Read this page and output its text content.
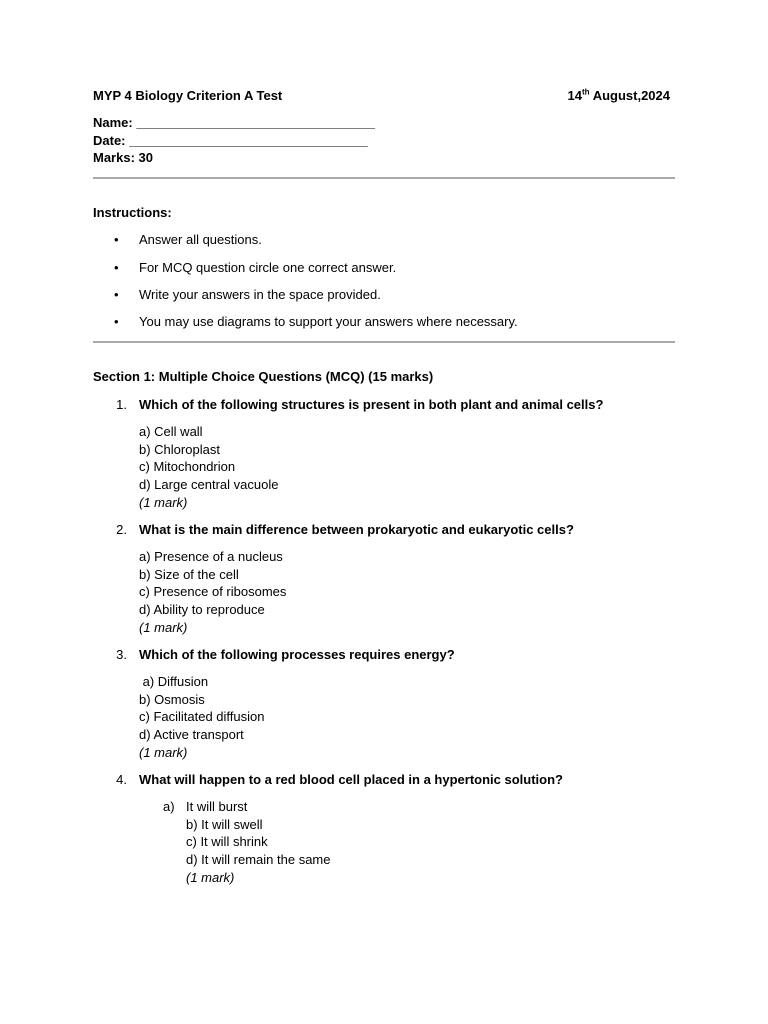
MYP 4 Biology Criterion A Test	14th August,2024
Name: _________________________________
Date: _________________________________
Marks: 30
Instructions:
• Answer all questions.
• For MCQ question circle one correct answer.
• Write your answers in the space provided.
• You may use diagrams to support your answers where necessary.
Section 1: Multiple Choice Questions (MCQ) (15 marks)
1. Which of the following structures is present in both plant and animal cells?
a) Cell wall
b) Chloroplast
c) Mitochondrion
d) Large central vacuole
(1 mark)
2. What is the main difference between prokaryotic and eukaryotic cells?
a) Presence of a nucleus
b) Size of the cell
c) Presence of ribosomes
d) Ability to reproduce
(1 mark)
3. Which of the following processes requires energy?
a) Diffusion
b) Osmosis
c) Facilitated diffusion
d) Active transport
(1 mark)
4. What will happen to a red blood cell placed in a hypertonic solution?
a) It will burst
b) It will swell
c) It will shrink
d) It will remain the same
(1 mark)
